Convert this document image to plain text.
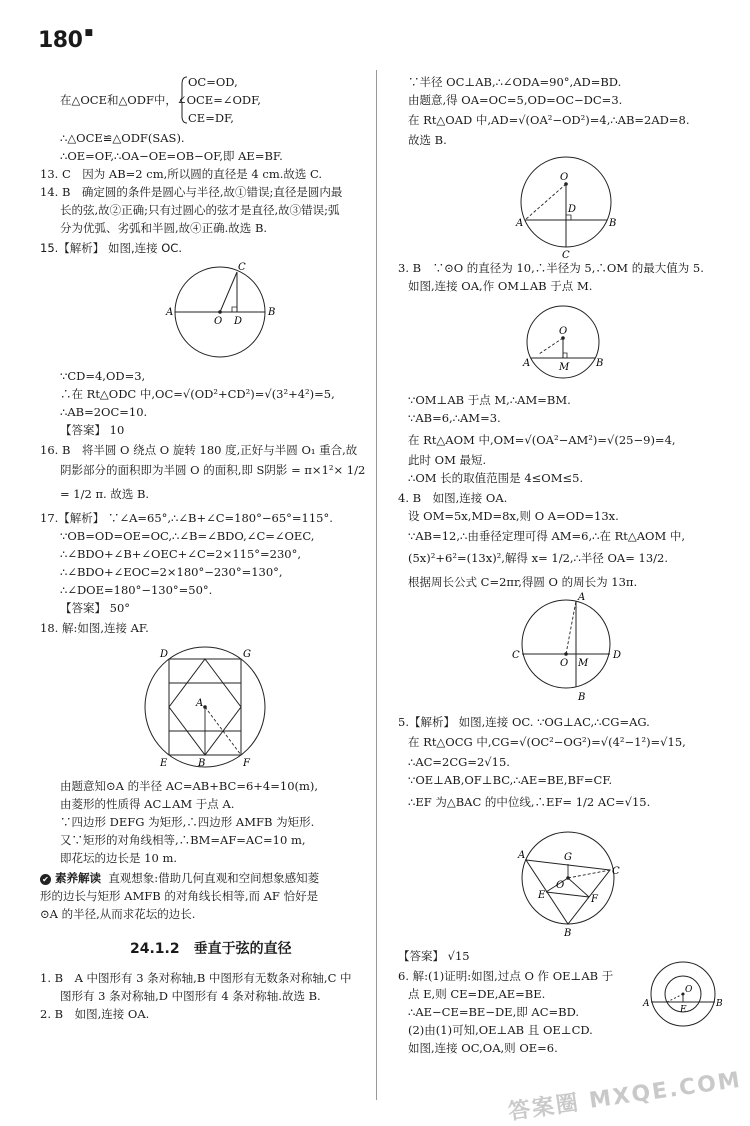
180 ■
OC=OD,
在△OCE和△ODF中，∠OCE=∠ODF,
CE=DF,
∴△OCE≌△ODF(SAS).
∴OE=OF,∴OA−OE=OB−OF,即 AE=BF.
13. C　因为 AB=2 cm,所以圆的直径是 4 cm.故选 C.
14. B　确定圆的条件是圆心与半径,故①错误;直径是圆内最
长的弦,故②正确;只有过圆心的弦才是直径,故③错误;弧
分为优弧、劣弧和半圆,故④正确.故选 B.
15.【解析】 如图,连接 OC.
A	B
C
D
O
∵CD=4,OD=3,
∴在 Rt△ODC 中,OC=√(OD²+CD²)=√(3²+4²)=5,
∴AB=2OC=10.
【答案】 10
16. B　将半圆 O 绕点 O 旋转 180 度,正好与半圆 O₁ 重合,故
阴影部分的面积即为半圆 O 的面积,即 S阴影 = π×1²× 1/2
= 1/2 π. 故选 B.
17.【解析】 ∵∠A=65°,∴∠B+∠C=180°−65°=115°.
∵OB=OD=OE=OC,∴∠B=∠BDO,∠C=∠OEC,
∴∠BDO+∠B+∠OEC+∠C=2×115°=230°,
∴∠BDO+∠EOC=2×180°−230°=130°,
∴∠DOE=180°−130°=50°.
【答案】 50°
18. 解:如图,连接 AF.
D	G
E	F
A
B
由题意知⊙A 的半径 AC=AB+BC=6+4=10(m),
由菱形的性质得 AC⊥AM 于点 A.
∵四边形 DEFG 为矩形,∴四边形 AMFB 为矩形.
又∵矩形的对角线相等,∴BM=AF=AC=10 m,
即花坛的边长是 10 m.
✔ 素养解读 直观想象:借助几何直观和空间想象感知菱
形的边长与矩形 AMFB 的对角线长相等,而 AF 恰好是
⊙A 的半径,从而求花坛的边长.
24.1.2　垂直于弦的直径
1. B　A 中图形有 3 条对称轴,B 中图形有无数条对称轴,C 中
图形有 3 条对称轴,D 中图形有 4 条对称轴.故选 B.
2. B　如图,连接 OA.
∵半径 OC⊥AB,∴∠ODA=90°,AD=BD.
由题意,得 OA=OC=5,OD=OC−DC=3.
在 Rt△OAD 中,AD=√(OA²−OD²)=4,∴AB=2AD=8.
故选 B.
O
D
A	B
C
3. B　∵⊙O 的直径为 10,∴半径为 5,∴OM 的最大值为 5.
如图,连接 OA,作 OM⊥AB 于点 M.
O
A	B
M
∵OM⊥AB 于点 M,∴AM=BM.
∵AB=6,∴AM=3.
在 Rt△AOM 中,OM=√(OA²−AM²)=√(25−9)=4,
此时 OM 最短.
∴OM 长的取值范围是 4≤OM≤5.
4. B　如图,连接 OA.
设 OM=5x,MD=8x,则 O A=OD=13x.
∵AB=12,∴由垂径定理可得 AM=6,∴在 Rt△AOM 中,
(5x)²+6²=(13x)²,解得 x= 1/2,∴半径 OA= 13/2.
根据周长公式 C=2πr,得圆 O 的周长为 13π.
C	D
A
B
O M
5.【解析】 如图,连接 OC. ∵OG⊥AC,∴CG=AG.
在 Rt△OCG 中,CG=√(OC²−OG²)=√(4²−1²)=√15,
∴AC=2CG=2√15.
∵OE⊥AB,OF⊥BC,∴AE=BE,BF=CF.
∴EF 为△BAC 的中位线,∴EF= 1/2 AC=√15.
A
C
B
G
O
E	F
【答案】 √15
6. 解:(1)证明:如图,过点 O 作 OE⊥AB 于
点 E,则 CE=DE,AE=BE.
∴AE−CE=BE−DE,即 AC=BD.
(2)由(1)可知,OE⊥AB 且 OE⊥CD.
如图,连接 OC,OA,则 OE=6.
A	B
O
E
答案圈 MXQE.COM
